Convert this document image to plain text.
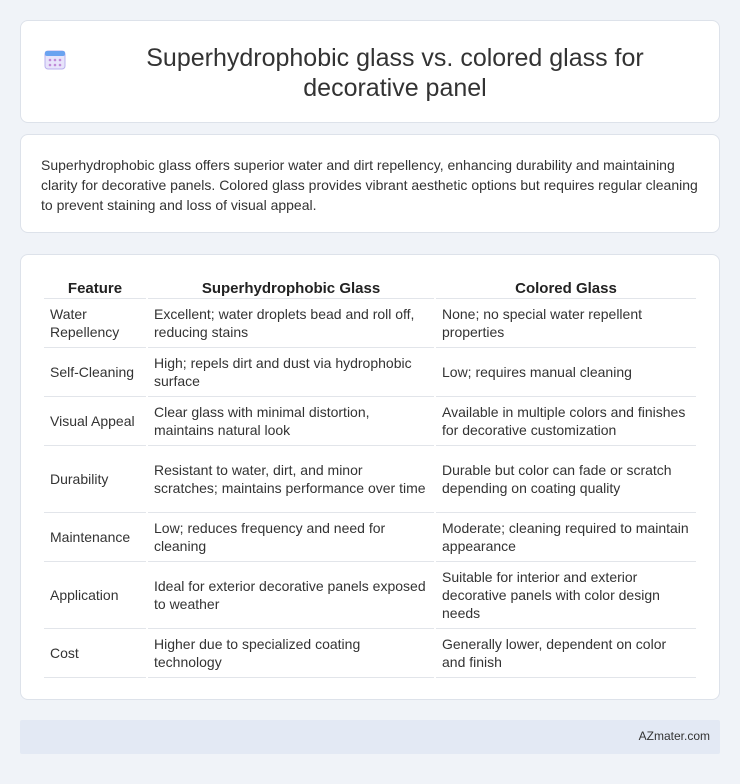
Superhydrophobic glass vs. colored glass for decorative panel

Superhydrophobic glass offers superior water and dirt repellency, enhancing durability and maintaining clarity for decorative panels. Colored glass provides vibrant aesthetic options but requires regular cleaning to prevent staining and loss of visual appeal.

Feature	Superhydrophobic Glass	Colored Glass
Water Repellency	Excellent; water droplets bead and roll off, reducing stains	None; no special water repellent properties
Self-Cleaning	High; repels dirt and dust via hydrophobic surface	Low; requires manual cleaning
Visual Appeal	Clear glass with minimal distortion, maintains natural look	Available in multiple colors and finishes for decorative customization
Durability	Resistant to water, dirt, and minor scratches; maintains performance over time	Durable but color can fade or scratch depending on coating quality
Maintenance	Low; reduces frequency and need for cleaning	Moderate; cleaning required to maintain appearance
Application	Ideal for exterior decorative panels exposed to weather	Suitable for interior and exterior decorative panels with color design needs
Cost	Higher due to specialized coating technology	Generally lower, dependent on color and finish
AZmater.com
